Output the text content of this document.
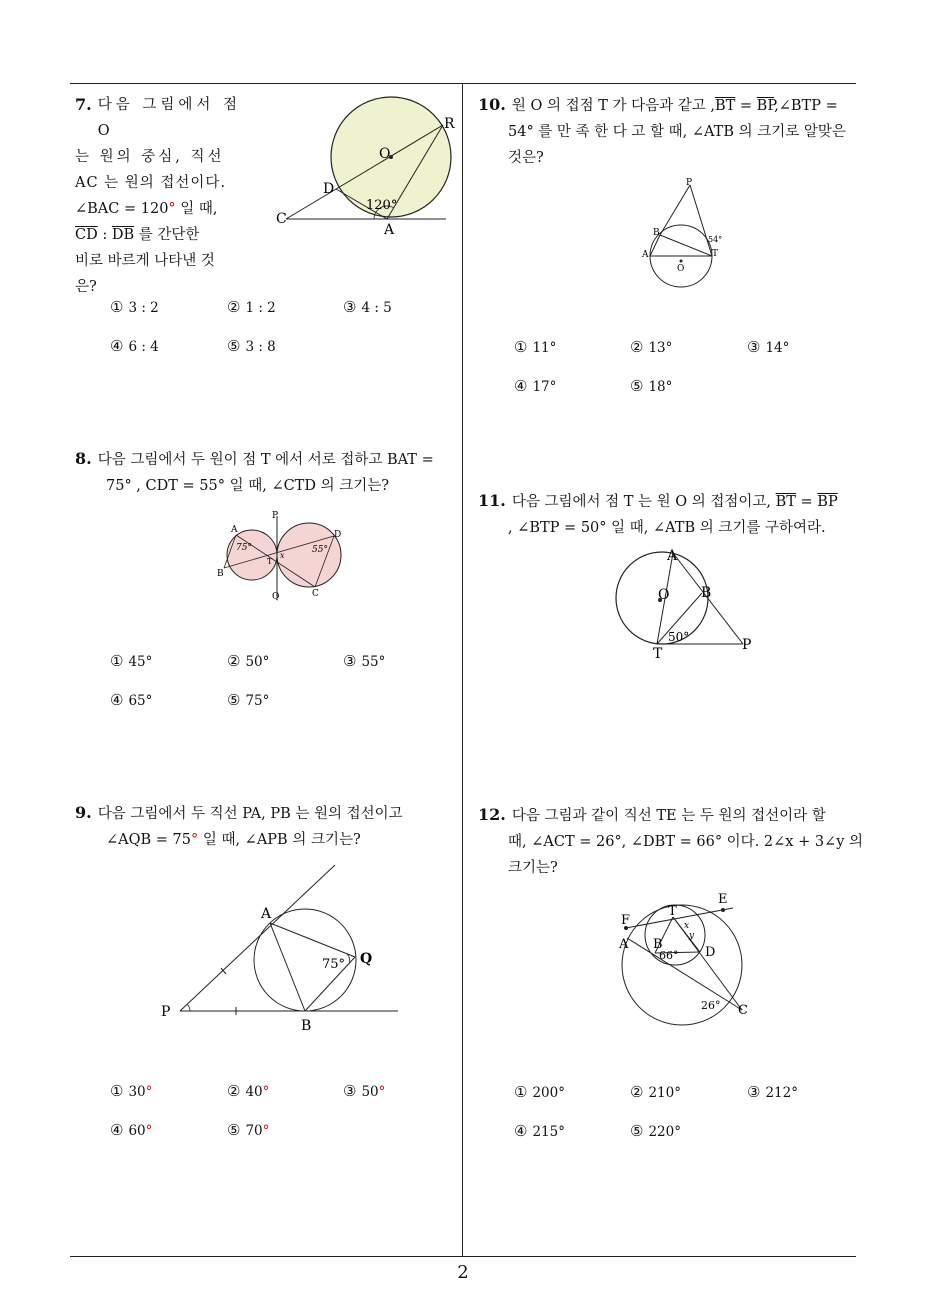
7. 다음 그림에서 점 O
는 원의 중심, 직선
AC 는 원의 접선이다.
∠BAC = 120° 일 때,
$\overline{CD}$ : $\overline{DB}$ 를 간단한
비로 바르게 나타낸 것
은?
O
R
D
C
A
120°
① 3 : 2	② 1 : 2	③ 4 : 5
④ 6 : 4	⑤ 3 : 8
8. 다음 그림에서 두 원이 점 T 에서 서로 접하고 BAT =
75° , CDT = 55° 일 때, ∠CTD 의 크기는?
P
A	D
B
T
x
C
Q
75°	55°
① 45°	② 50°	③ 55°
④ 65°	⑤ 75°
9. 다음 그림에서 두 직선 PA, PB 는 원의 접선이고
∠AQB = 75° 일 때, ∠APB 의 크기는?
A
Q
P
B
75°
① 30°	② 40°	③ 50°
④ 60°	⑤ 70°
10. 원 O 의 접점 T 가 다음과 같고 $,\overline{BT}$ = $\overline{BP},\angle BTP$ =
54° 를 만 족 한 다 고 할 때, ∠ATB 의 크기로 알맞은
것은?
P
B
A
O
T
54°
① 11°	② 13°	③ 14°
④ 17°	⑤ 18°
11. 다음 그림에서 점 T 는 원 O 의 접점이고, $\overline{BT} = \overline{BP}$
, ∠BTP = 50° 일 때, ∠ATB 의 크기를 구하여라.
A
O B
T
P
50°
12. 다음 그림과 같이 직선 TE 는 두 원의 접선이라 할
때, ∠ACT = 26°, ∠DBT = 66° 이다. 2∠x + 3∠y 의
크기는?
T
E
F
A B
D
C
x
y
66°
26°
① 200°	② 210°	③ 212°
④ 215°	⑤ 220°
2
